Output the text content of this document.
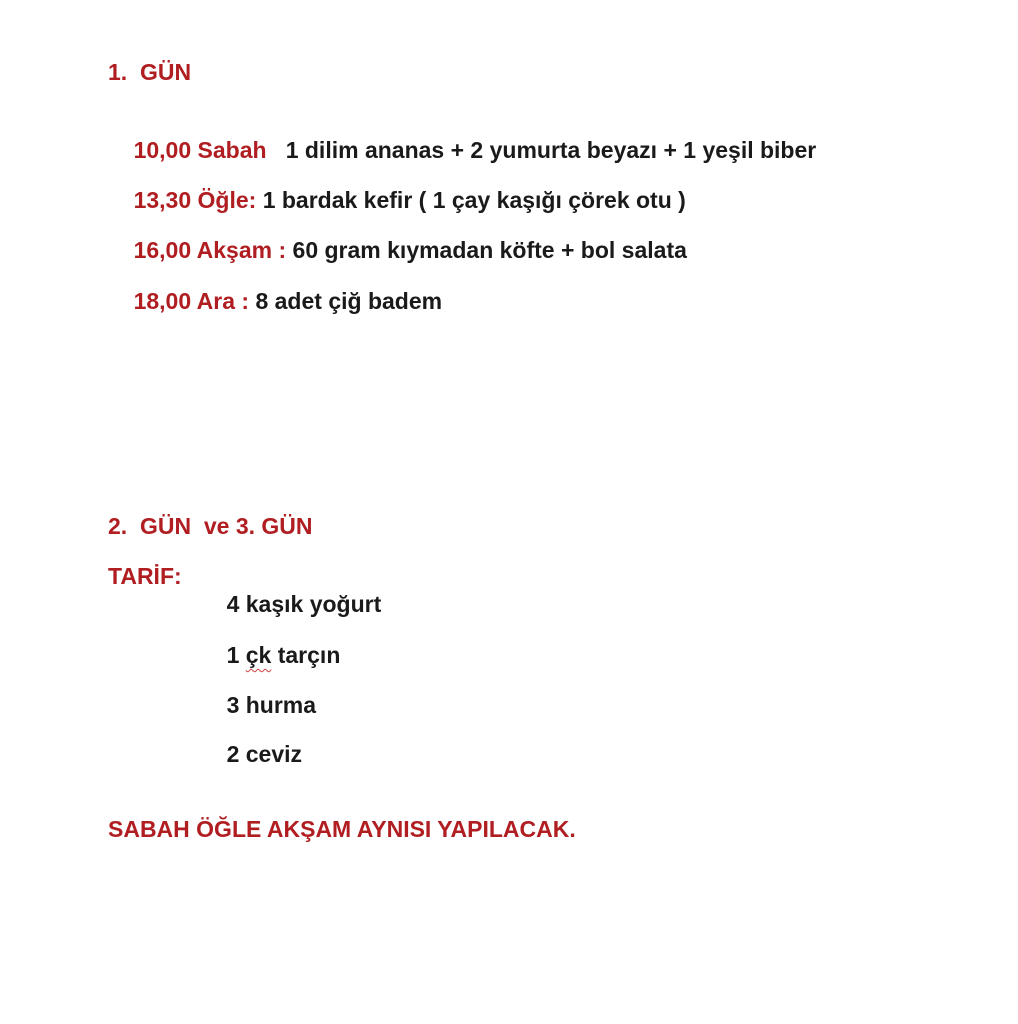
1.  GÜN

10,00 Sabah 1 dilim ananas + 2 yumurta beyazı + 1 yeşil biber

13,30 Öğle: 1 bardak kefir ( 1 çay kaşığı çörek otu )

16,00 Akşam : 60 gram kıymadan köfte + bol salata

18,00 Ara : 8 adet çiğ badem

2.  GÜN  ve 3. GÜN
TARİF:

4 kaşık yoğurt

1 çk tarçın

3 hurma

2 ceviz

SABAH ÖĞLE AKŞAM AYNISI YAPILACAK.
